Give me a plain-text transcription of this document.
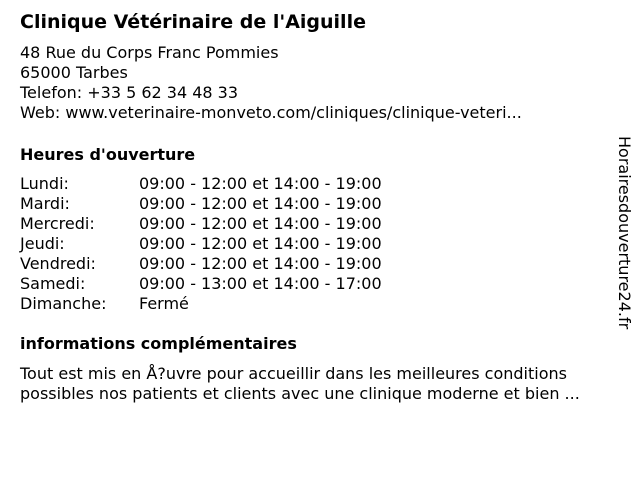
Clinique Vétérinaire de l'Aiguille
48 Rue du Corps Franc Pommies
65000 Tarbes
Telefon: +33 5 62 34 48 33
Web: www.veterinaire-monveto.com/cliniques/clinique-veteri...
Heures d'ouverture
Lundi:	09:00 - 12:00 et 14:00 - 19:00
Mardi:	09:00 - 12:00 et 14:00 - 19:00
Mercredi:	09:00 - 12:00 et 14:00 - 19:00
Jeudi:	09:00 - 12:00 et 14:00 - 19:00
Vendredi:	09:00 - 12:00 et 14:00 - 19:00
Samedi:	09:00 - 13:00 et 14:00 - 17:00
Dimanche: Fermé
informations complémentaires
Tout est mis en Å?uvre pour accueillir dans les meilleures conditions
possibles nos patients et clients avec une clinique moderne et bien ...
Horairesdouverture24.fr
